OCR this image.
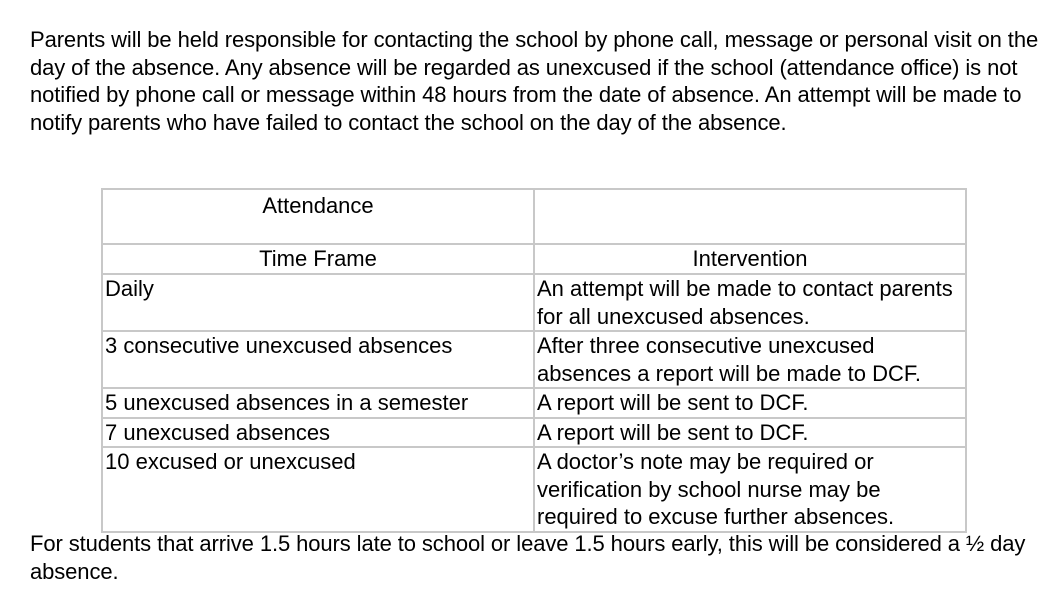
Parents will be held responsible for contacting the school by phone call, message or personal visit on the day of the absence. Any absence will be regarded as unexcused if the school (attendance office) is not notified by phone call or message within 48 hours from the date of absence. An attempt will be made to notify parents who have failed to contact the school on the day of the absence.

Attendance	
Time Frame	Intervention
Daily	An attempt will be made to contact parents for all unexcused absences.
3 consecutive unexcused absences	After three consecutive unexcused absences a report will be made to DCF.
5 unexcused absences in a semester	A report will be sent to DCF.
7 unexcused absences	A report will be sent to DCF.
10 excused or unexcused	A doctor’s note may be required or verification by school nurse may be required to excuse further absences.

For students that arrive 1.5 hours late to school or leave 1.5 hours early, this will be considered a ½ day absence.
